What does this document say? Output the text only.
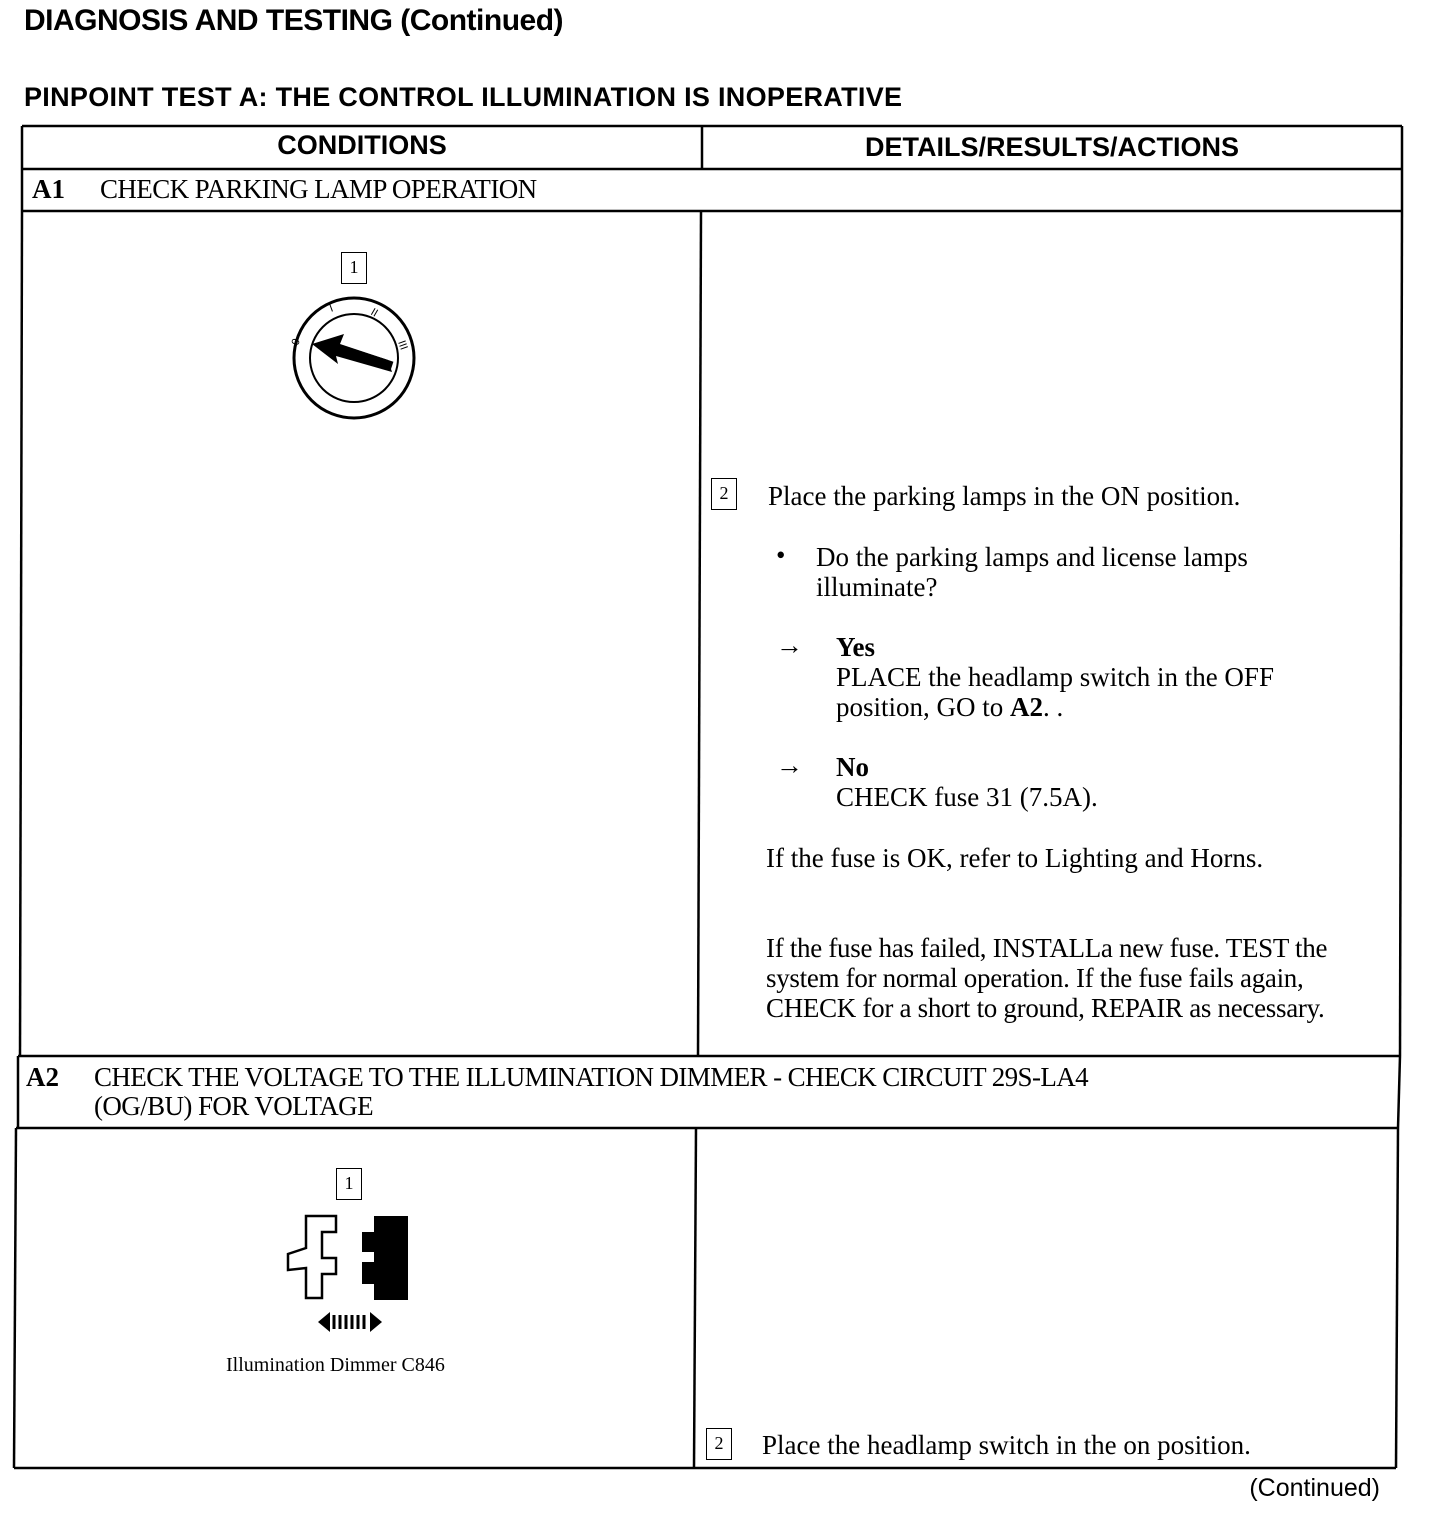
DIAGNOSIS AND TESTING (Continued)
PINPOINT TEST A: THE CONTROL ILLUMINATION IS INOPERATIVE
CONDITIONS	DETAILS/RESULTS/ACTIONS
A1 CHECK PARKING LAMP OPERATION
1
0
I	II
III
2	Place the parking lamps in the ON position.
• Do the parking lamps and license lamps illuminate?
→ Yes
PLACE the headlamp switch in the OFF position, GO to A2. .
→ No
CHECK fuse 31 (7.5A).
If the fuse is OK, refer to Lighting and Horns.
If the fuse has failed, INSTALLa new fuse. TEST the system for normal operation. If the fuse fails again, CHECK for a short to ground, REPAIR as necessary.
A2 CHECK THE VOLTAGE TO THE ILLUMINATION DIMMER - CHECK CIRCUIT 29S-LA4
(OG/BU) FOR VOLTAGE
1
Illumination Dimmer C846
2	Place the headlamp switch in the on position.
(Continued)
